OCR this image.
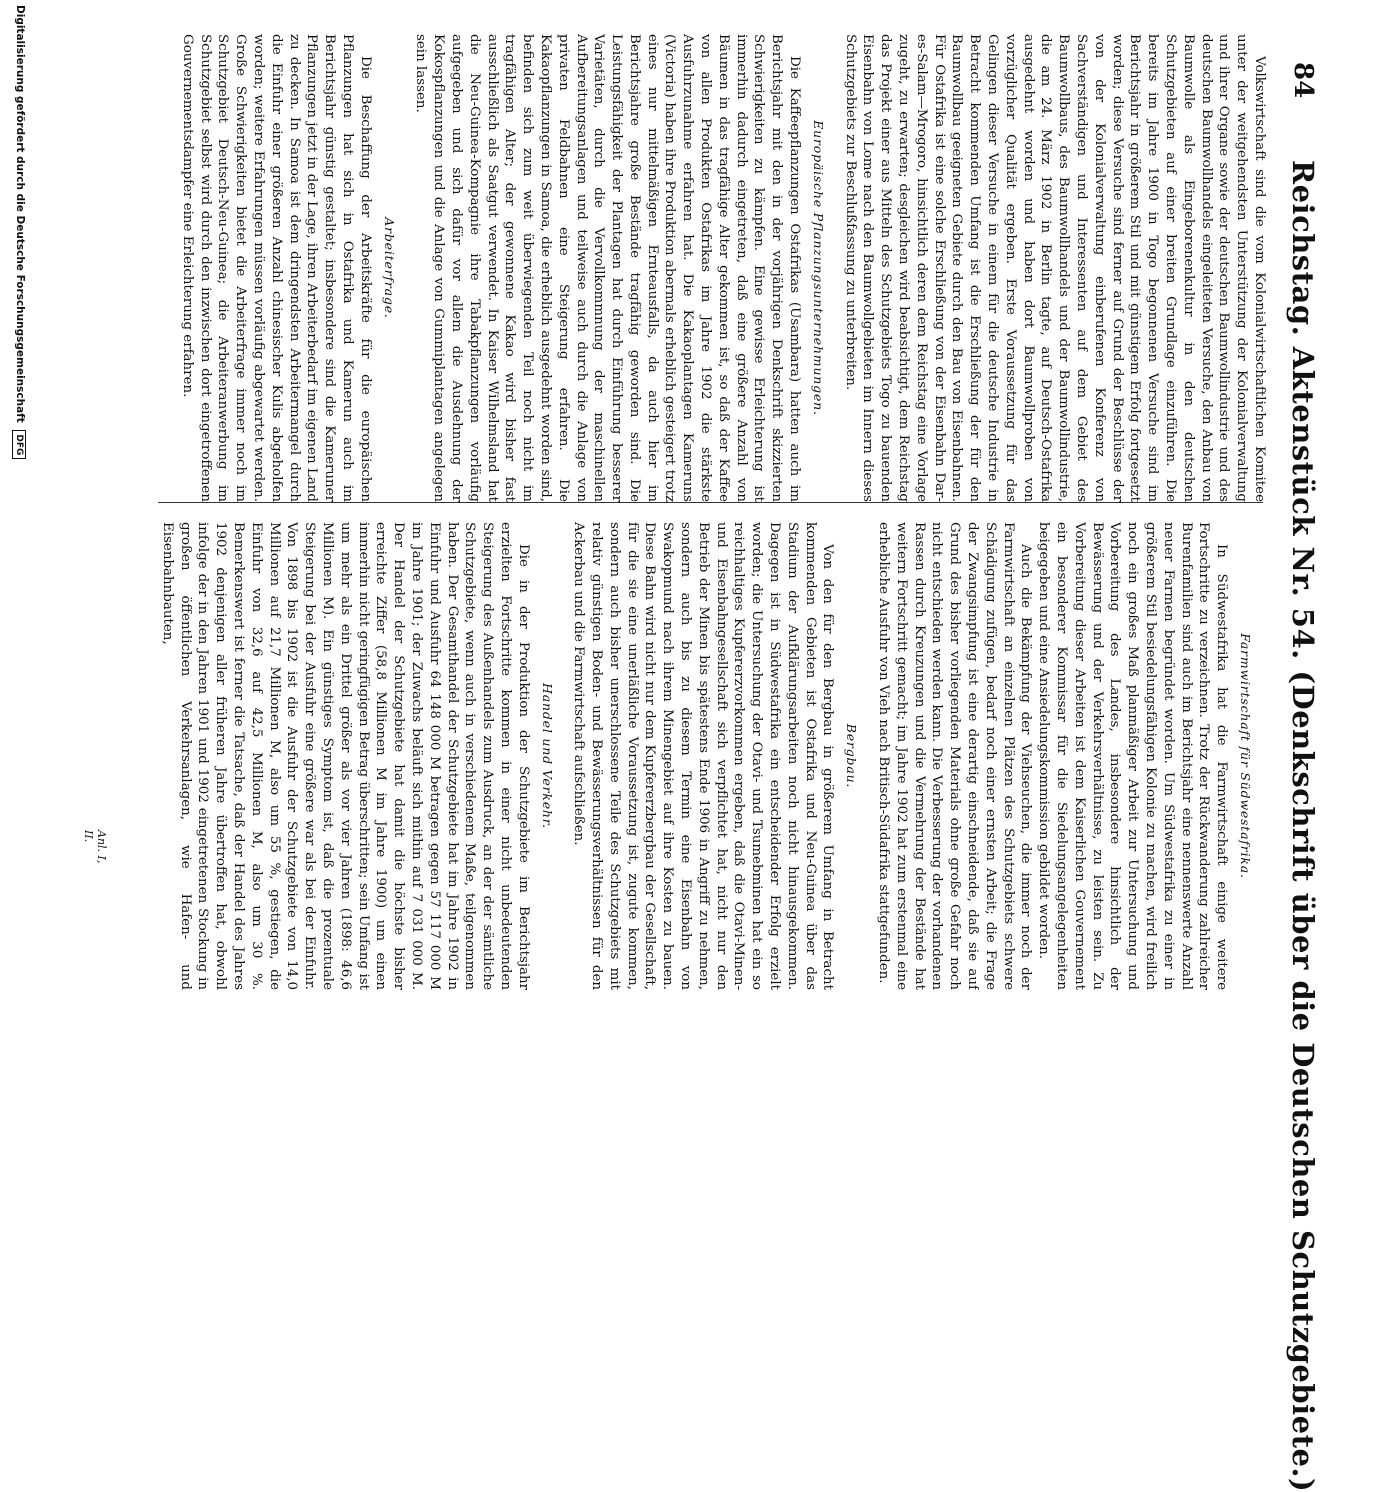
84
Reichstag. Aktenstück Nr. 54. (Denkschrift über die Deutschen Schutzgebiete.)

Volkswirtschaft sind die vom Kolonialwirtschaftlichen Komitee unter der weitgehendsten Unterstützung der Kolonialverwaltung und ihrer Organe sowie der deutschen Baumwollindustrie und des deutschen Baumwollhandels eingeleiteten Versuche, den Anbau von Baumwolle als Eingeborenenkultur in den deutschen Schutzgebieten auf einer breiten Grundlage einzuführen. Die bereits im Jahre 1900 in Togo begonnenen Versuche sind im Berichtsjahr in größerem Stil und mit günstigem Erfolg fortgesetzt worden; diese Versuche sind ferner auf Grund der Beschlüsse der von der Kolonialverwaltung einberufenen Konferenz von Sachverständigen und Interessenten auf dem Gebiet des Baumwollbaus, des Baumwollhandels und der Baumwollindustrie, die am 24. März 1902 in Berlin tagte, auf Deutsch-Ostafrika ausgedehnt worden und haben dort Baumwollproben von vorzüglicher Qualität ergeben. Erste Voraussetzung für das Gelingen dieser Versuche in einem für die deutsche Industrie in Betracht kommenden Umfang ist die Erschließung der für den Baumwollbau geeigneten Gebiete durch den Bau von Eisenbahnen. Für Ostafrika ist eine solche Erschließung von der Eisenbahn Dar-es-Salam—Mrogoro, hinsichtlich deren dem Reichstag eine Vorlage zugeht, zu erwarten; desgleichen wird beabsichtigt, dem Reichstag das Projekt einer aus Mitteln des Schutzgebiets Togo zu bauenden Eisenbahn von Lome nach den Baumwollgebieten im Innern dieses Schutzgebiets zur Beschlußfassung zu unterbreiten.

Europäische Pflanzungsunternehmungen.

Die Kaffeepflanzungen Ostafrikas (Usambara) hatten auch im Berichtsjahr mit den in der vorjährigen Denkschrift skizzierten Schwierigkeiten zu kämpfen. Eine gewisse Erleichterung ist immerhin dadurch eingetreten, daß eine größere Anzahl von Bäumen in das tragfähige Alter gekommen ist, so daß der Kaffee von allen Produkten Ostafrikas im Jahre 1902 die stärkste Ausfuhrzunahme erfahren hat. Die Kakaoplantagen Kameruns (Victoria) haben ihre Produktion abermals erheblich gesteigert trotz eines nur mittelmäßigen Ernteausfalls, da auch hier im Berichtsjahre große Bestände tragfähig geworden sind. Die Leistungsfähigkeit der Plantagen hat durch Einführung besserer Varietäten, durch die Vervollkommnung der maschinellen Aufbereitungsanlagen und teilweise auch durch die Anlage von privaten Feldbahnen eine Steigerung erfahren. Die Kakaopflanzungen in Samoa, die erheblich ausgedehnt worden sind, befinden sich zum weit überwiegenden Teil noch nicht im tragfähigen Alter; der gewonnene Kakao wird bisher fast ausschließlich als Saatgut verwendet. In Kaiser Wilhelmsland hat die Neu-Guinea-Kompagnie ihre Tabakpflanzungen vorläufig aufgegeben und sich dafür vor allem die Ausdehnung der Kokospflanzungen und die Anlage von Gummiplantagen angelegen sein lassen.

Arbeiterfrage.

Die Beschaffung der Arbeitskräfte für die europäischen Pflanzungen hat sich in Ostafrika und Kamerun auch im Berichtsjahr günstig gestaltet; insbesondere sind die Kameruner Pflanzungen jetzt in der Lage, ihren Arbeiterbedarf im eigenen Land zu decken. In Samoa ist dem dringendsten Arbeitermangel durch die Einfuhr einer größeren Anzahl chinesischer Kulis abgeholfen worden; weitere Erfahrungen müssen vorläufig abgewartet werden. Große Schwierigkeiten bietet die Arbeiterfrage immer noch im Schutzgebiet Deutsch-Neu-Guinea; die Arbeiteranwerbung im Schutzgebiet selbst wird durch den inzwischen dort eingetroffenen Gouvernementsdampfer eine Erleichterung erfahren.

Farmwirtschaft für Südwestafrika.

In Südwestafrika hat die Farmwirtschaft einige weitere Fortschritte zu verzeichnen. Trotz der Rückwanderung zahlreicher Burenfamilien sind auch im Berichtsjahr eine nennenswerte Anzahl neuer Farmen begründet worden. Um Südwestafrika zu einer in größerem Stil besiedelungsfähigen Kolonie zu machen, wird freilich noch ein großes Maß planmäßiger Arbeit zur Untersuchung und Vorbereitung des Landes, insbesondere hinsichtlich der Bewässerung und der Verkehrsverhältnisse, zu leisten sein. Zu Vorbereitung dieser Arbeiten ist dem Kaiserlichen Gouvernement ein besonderer Kommissar für die Siedelungsangelegenheiten beigegeben und eine Ansiedelungskommission gebildet worden.

Auch die Bekämpfung der Viehseuchen, die immer noch der Farmwirtschaft an einzelnen Plätzen des Schutzgebiets schwere Schädigung zufügen, bedarf noch einer ernsten Arbeit; die Frage der Zwangsimpfung ist eine derartig einschneidende, daß sie auf Grund des bisher vorliegenden Materials ohne große Gefahr noch nicht entschieden werden kann. Die Verbesserung der vorhandenen Rassen durch Kreuzungen und die Vermehrung der Bestände hat weitern Fortschritt gemacht; im Jahre 1902 hat zum erstenmal eine erhebliche Ausfuhr von Vieh nach Britisch-Südafrika stattgefunden.

Bergbau.

Von den für den Bergbau in größerem Umfang in Betracht kommenden Gebieten ist Ostafrika und Neu-Guinea über das Stadium der Aufklärungsarbeiten noch nicht hinausgekommen. Dagegen ist in Südwestafrika ein entscheidender Erfolg erzielt worden; die Untersuchung der Otavi- und Tsumebminen hat ein so reichhaltiges Kupfererzvorkommen ergeben, daß die Otavi-Minen- und Eisenbahngesellschaft sich verpflichtet hat, nicht nur den Betrieb der Minen bis spätestens Ende 1906 in Angriff zu nehmen, sondern auch bis zu diesem Termin eine Eisenbahn von Swakopmund nach ihrem Minengebiet auf ihre Kosten zu bauen. Diese Bahn wird nicht nur dem Kupfererzbergbau der Gesellschaft, für die sie eine unerläßliche Voraussetzung ist, zugute kommen, sondern auch bisher unerschlossene Teile des Schutzgebiets mit relativ günstigen Boden- und Bewässerungsverhältnissen für den Ackerbau und die Farmwirtschaft aufschließen.

Handel und Verkehr.

Die in der Produktion der Schutzgebiete im Berichtsjahr erzielten Fortschritte kommen in einer nicht unbedeutenden Steigerung des Außenhandels zum Ausdruck, an der der sämtliche Schutzgebiete, wenn auch in verschiedenem Maße, teilgenommen haben. Der Gesamthandel der Schutzgebiete hat im Jahre 1902 in Einfuhr und Ausfuhr 64 148 000 M betragen gegen 57 117 000 M im Jahre 1901; der Zuwachs beläuft sich mithin auf 7 031 000 M. Der Handel der Schutzgebiete hat damit die höchste bisher erreichte Ziffer (58,8 Millionen M im Jahre 1900) um einen immerhin nicht geringfügigen Betrag überschritten; sein Umfang ist um mehr als ein Drittel größer als vor vier Jahren (1898: 46,6 Millionen M). Ein günstiges Symptom ist, daß die prozentuale Steigerung bei der Ausfuhr eine größere war als bei der Einfuhr. Von 1898 bis 1902 ist die Ausfuhr der Schutzgebiete von 14,0 Millionen auf 21,7 Millionen M, also um 55 %, gestiegen, die Einfuhr von 32,6 auf 42,5 Millionen M, also um 30 %. Bemerkenswert ist ferner die Tatsache, daß der Handel des Jahres 1902 denjenigen aller früheren Jahre übertroffen hat, obwohl infolge der in den Jahren 1901 und 1902 eingetretenen Stockung in großen öffentlichen Verkehrsanlagen, wie Hafen- und Eisenbahnbauten,

Anl. I, II.
Digitalisierung gefördert durch die Deutsche Forschungsgemeinschaft DFG
